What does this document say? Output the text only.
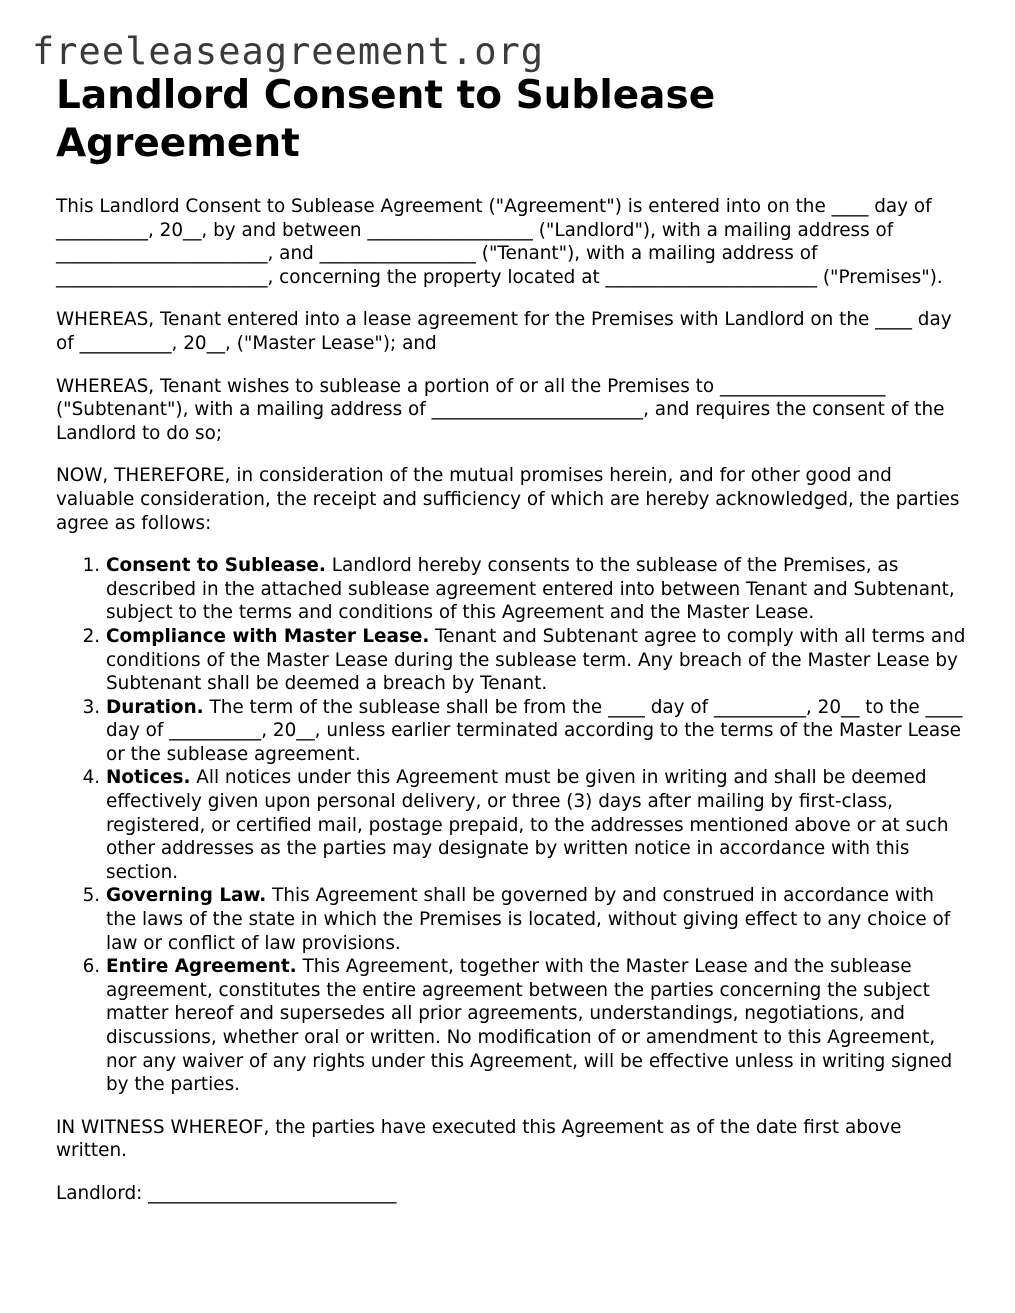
freeleaseagreement.org
Landlord Consent to Sublease Agreement

This Landlord Consent to Sublease Agreement ("Agreement") is entered into on the ____ day of __________, 20__, by and between __________________ ("Landlord"), with a mailing address of _______________________, and _________________ ("Tenant"), with a mailing address of _______________________, concerning the property located at _______________________ ("Premises").

WHEREAS, Tenant entered into a lease agreement for the Premises with Landlord on the ____ day of __________, 20__, ("Master Lease"); and

WHEREAS, Tenant wishes to sublease a portion of or all the Premises to __________________ ("Subtenant"), with a mailing address of _______________________, and requires the consent of the Landlord to do so;

NOW, THEREFORE, in consideration of the mutual promises herein, and for other good and valuable consideration, the receipt and sufficiency of which are hereby acknowledged, the parties agree as follows:

1. Consent to Sublease. Landlord hereby consents to the sublease of the Premises, as described in the attached sublease agreement entered into between Tenant and Subtenant, subject to the terms and conditions of this Agreement and the Master Lease.
2. Compliance with Master Lease. Tenant and Subtenant agree to comply with all terms and conditions of the Master Lease during the sublease term. Any breach of the Master Lease by Subtenant shall be deemed a breach by Tenant.
3. Duration. The term of the sublease shall be from the ____ day of __________, 20__ to the ____ day of __________, 20__, unless earlier terminated according to the terms of the Master Lease or the sublease agreement.
4. Notices. All notices under this Agreement must be given in writing and shall be deemed effectively given upon personal delivery, or three (3) days after mailing by first-class, registered, or certified mail, postage prepaid, to the addresses mentioned above or at such other addresses as the parties may designate by written notice in accordance with this section.
5. Governing Law. This Agreement shall be governed by and construed in accordance with the laws of the state in which the Premises is located, without giving effect to any choice of law or conflict of law provisions.
6. Entire Agreement. This Agreement, together with the Master Lease and the sublease agreement, constitutes the entire agreement between the parties concerning the subject matter hereof and supersedes all prior agreements, understandings, negotiations, and discussions, whether oral or written. No modification of or amendment to this Agreement, nor any waiver of any rights under this Agreement, will be effective unless in writing signed by the parties.

IN WITNESS WHEREOF, the parties have executed this Agreement as of the date first above written.

Landlord: ___________________________
